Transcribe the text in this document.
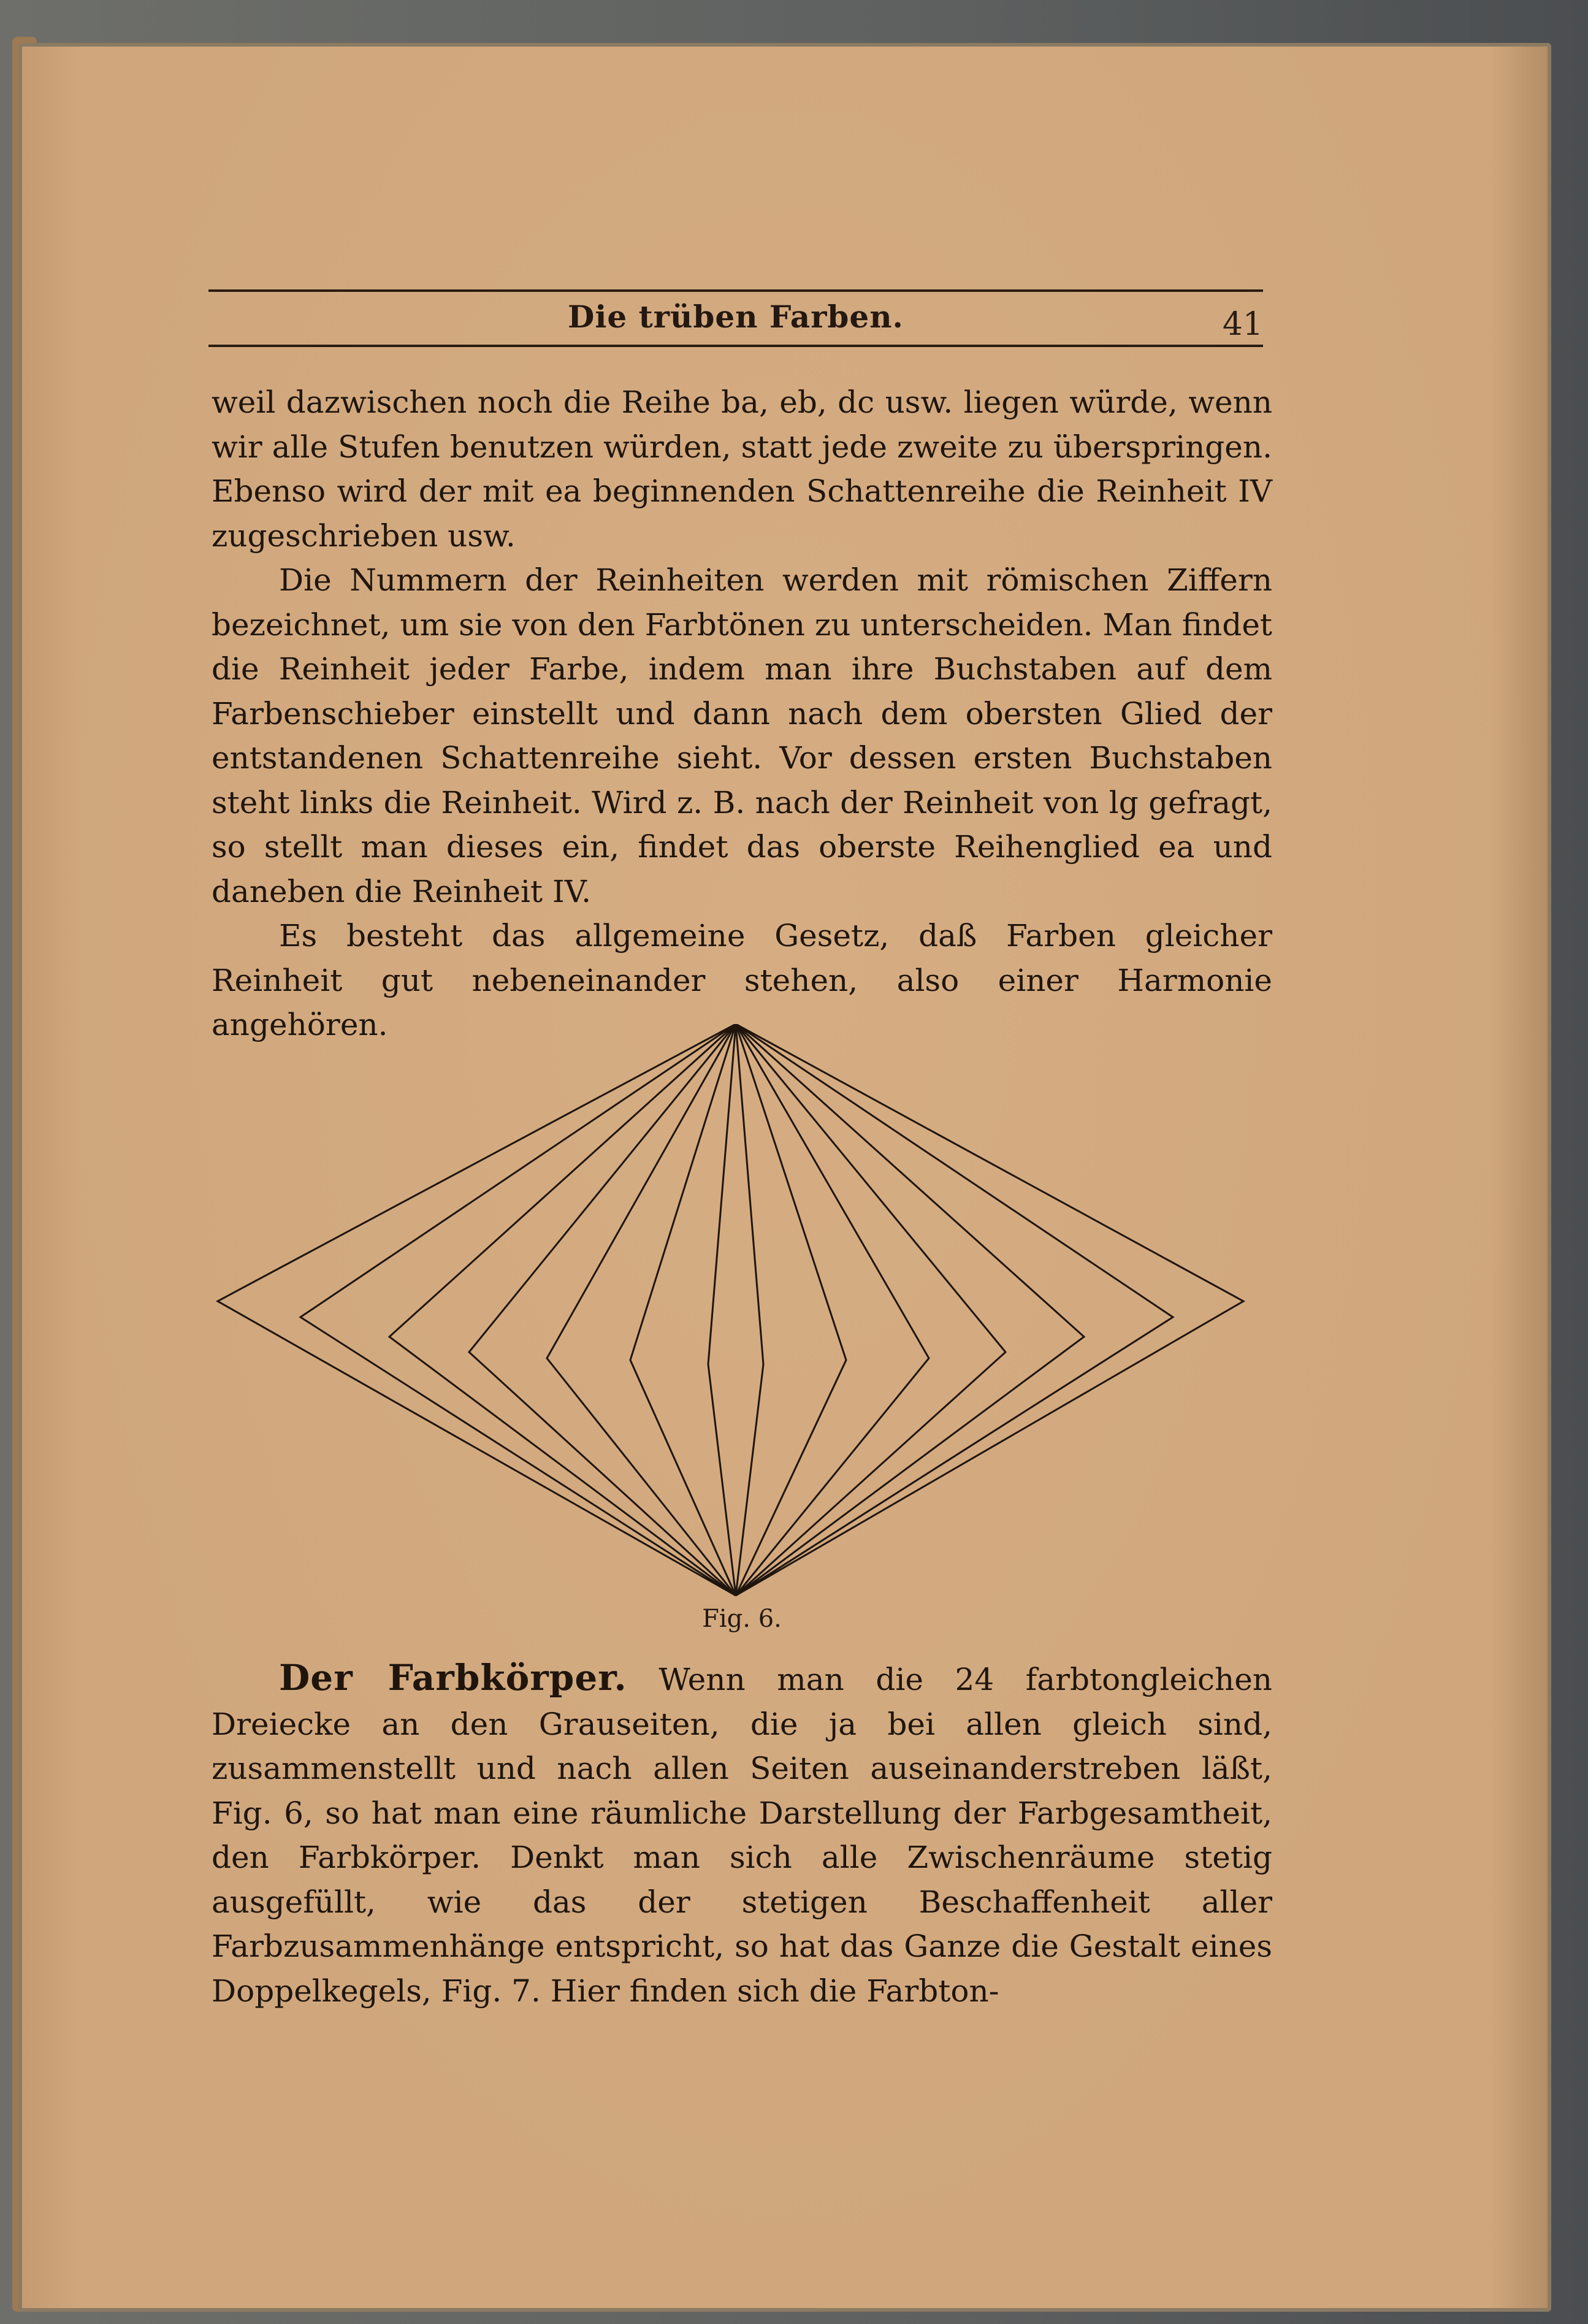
Die trüben Farben.	41

weil dazwischen noch die Reihe ba, eb, dc usw. liegen würde, wenn wir alle Stufen benutzen würden, statt jede zweite zu überspringen. Ebenso wird der mit ea beginnenden Schattenreihe die Reinheit IV zugeschrieben usw.

Die Nummern der Reinheiten werden mit römischen Ziffern bezeichnet, um sie von den Farbtönen zu unterscheiden. Man findet die Reinheit jeder Farbe, indem man ihre Buchstaben auf dem Farbenschieber einstellt und dann nach dem obersten Glied der entstandenen Schattenreihe sieht. Vor dessen ersten Buchstaben steht links die Reinheit. Wird z. B. nach der Reinheit von lg gefragt, so stellt man dieses ein, findet das oberste Reihenglied ea und daneben die Reinheit IV.

Es besteht das allgemeine Gesetz, daß Farben gleicher Reinheit gut nebeneinander stehen, also einer Harmonie angehören.

Fig. 6.

Der Farbkörper. Wenn man die 24 farbtongleichen Dreiecke an den Grauseiten, die ja bei allen gleich sind, zusammenstellt und nach allen Seiten auseinanderstreben läßt, Fig. 6, so hat man eine räumliche Darstellung der Farbgesamtheit, den Farbkörper. Denkt man sich alle Zwischenräume stetig ausgefüllt, wie das der stetigen Beschaffenheit aller Farbzusammenhänge entspricht, so hat das Ganze die Gestalt eines Doppelkegels, Fig. 7. Hier finden sich die Farbton-
